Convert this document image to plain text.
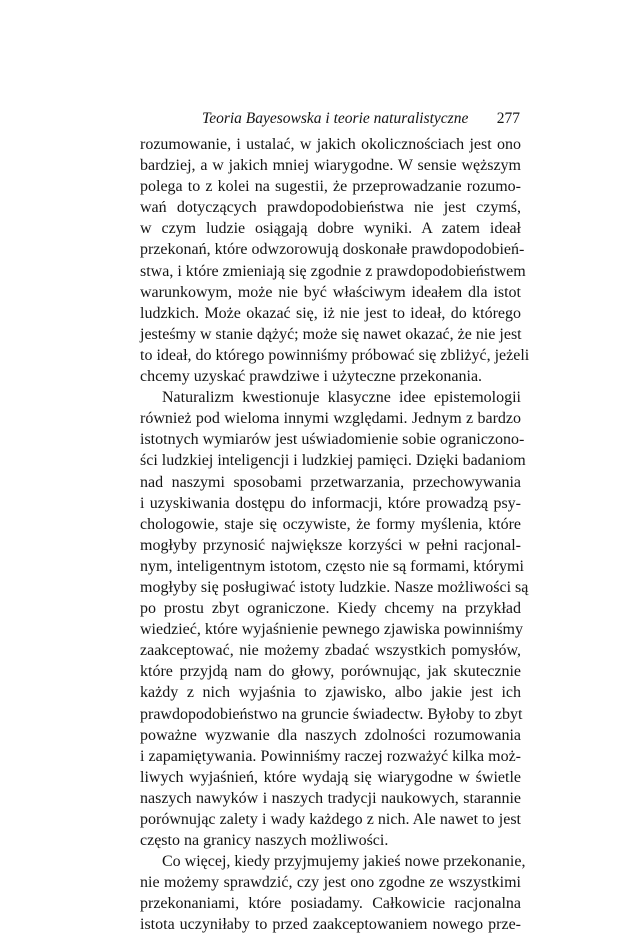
Teoria Bayesowska i teorie naturalistyczne 277
rozumowanie, i ustalać, w jakich okolicznościach jest ono
bardziej, a w jakich mniej wiarygodne. W sensie węższym
polega to z kolei na sugestii, że przeprowadzanie rozumo-
wań dotyczących prawdopodobieństwa nie jest czymś,
w czym ludzie osiągają dobre wyniki. A zatem ideał
przekonań, które odwzorowują doskonałe prawdopodobień-
stwa, i które zmieniają się zgodnie z prawdopodobieństwem
warunkowym, może nie być właściwym ideałem dla istot
ludzkich. Może okazać się, iż nie jest to ideał, do którego
jesteśmy w stanie dążyć; może się nawet okazać, że nie jest
to ideał, do którego powinniśmy próbować się zbliżyć, jeżeli
chcemy uzyskać prawdziwe i użyteczne przekonania.
Naturalizm kwestionuje klasyczne idee epistemologii
również pod wieloma innymi względami. Jednym z bardzo
istotnych wymiarów jest uświadomienie sobie ograniczono-
ści ludzkiej inteligencji i ludzkiej pamięci. Dzięki badaniom
nad naszymi sposobami przetwarzania, przechowywania
i uzyskiwania dostępu do informacji, które prowadzą psy-
chologowie, staje się oczywiste, że formy myślenia, które
mogłyby przynosić największe korzyści w pełni racjonal-
nym, inteligentnym istotom, często nie są formami, którymi
mogłyby się posługiwać istoty ludzkie. Nasze możliwości są
po prostu zbyt ograniczone. Kiedy chcemy na przykład
wiedzieć, które wyjaśnienie pewnego zjawiska powinniśmy
zaakceptować, nie możemy zbadać wszystkich pomysłów,
które przyjdą nam do głowy, porównując, jak skutecznie
każdy z nich wyjaśnia to zjawisko, albo jakie jest ich
prawdopodobieństwo na gruncie świadectw. Byłoby to zbyt
poważne wyzwanie dla naszych zdolności rozumowania
i zapamiętywania. Powinniśmy raczej rozważyć kilka moż-
liwych wyjaśnień, które wydają się wiarygodne w świetle
naszych nawyków i naszych tradycji naukowych, starannie
porównując zalety i wady każdego z nich. Ale nawet to jest
często na granicy naszych możliwości.
Co więcej, kiedy przyjmujemy jakieś nowe przekonanie,
nie możemy sprawdzić, czy jest ono zgodne ze wszystkimi
przekonaniami, które posiadamy. Całkowicie racjonalna
istota uczyniłaby to przed zaakceptowaniem nowego prze-
